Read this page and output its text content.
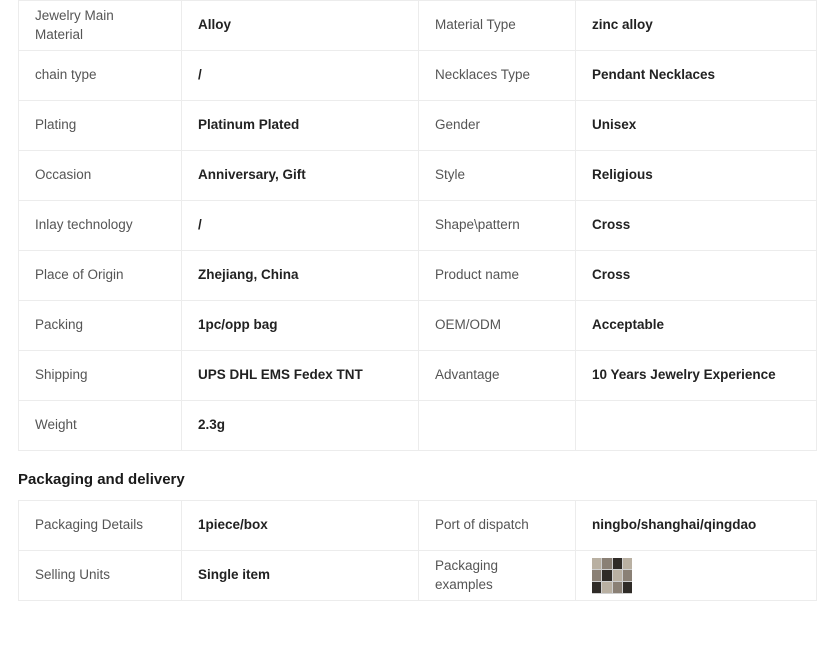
Jewelry Main Material	Alloy	Material Type	zinc alloy
chain type	/	Necklaces Type	Pendant Necklaces
Plating	Platinum Plated	Gender	Unisex
Occasion	Anniversary, Gift	Style	Religious
Inlay technology	/	Shape\pattern	Cross
Place of Origin	Zhejiang, China	Product name	Cross
Packing	1pc/opp bag	OEM/ODM	Acceptable
Shipping	UPS DHL EMS Fedex TNT	Advantage	10 Years Jewelry Experience
Weight	2.3g		
Packaging and delivery
Packaging Details	1piece/box	Port of dispatch	ningbo/shanghai/qingdao
Selling Units	Single item	Packaging examples	
